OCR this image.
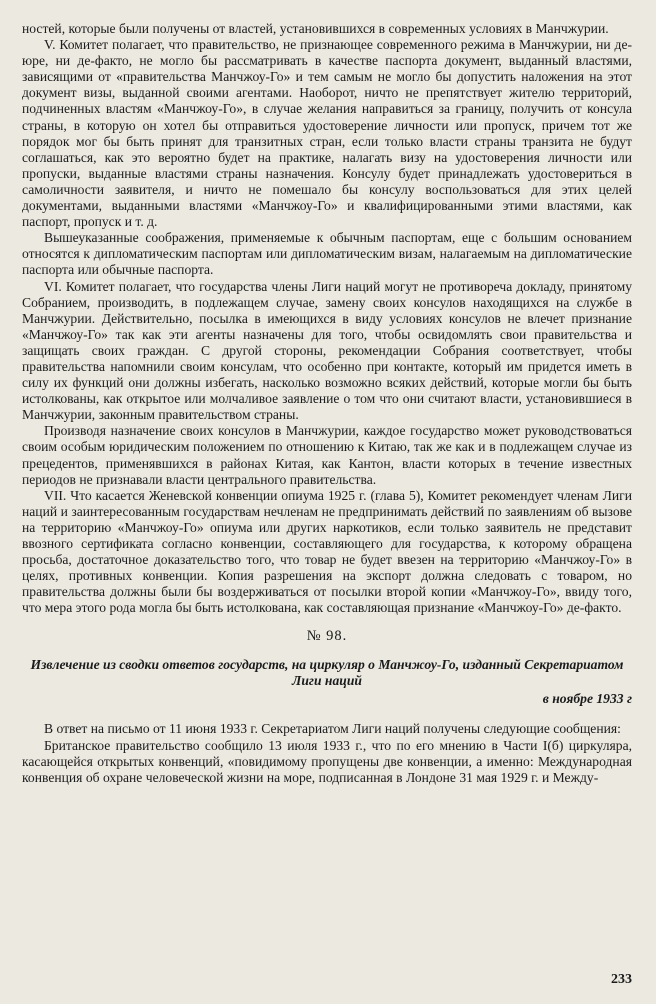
ностей, которые были получены от властей, установившихся в современных условиях в Манчжурии.

V. Комитет полагает, что правительство, не признающее современного режима в Манчжурии, ни де-юре, ни де-факто, не могло бы рассматривать в качестве паспорта документ, выданный властями, зависящими от «правительства Манчжоу-Го» и тем самым не могло бы допустить наложения на этот документ визы, выданной своими агентами. Наоборот, ничто не препятствует жителю территорий, подчиненных властям «Манчжоу-Го», в случае желания направиться за границу, получить от консула страны, в которую он хотел бы отправиться удостоверение личности или пропуск, причем тот же порядок мог бы быть принят для транзитных стран, если только власти страны транзита не будут соглашаться, как это вероятно будет на практике, налагать визу на удостоверения личности или пропуски, выданные властями страны назначения. Консулу будет принадлежать удостовериться в самоличности заявителя, и ничто не помешало бы консулу воспользоваться для этих целей документами, выданными властями «Манчжоу-Го» и квалифицированными этими властями, как паспорт, пропуск и т. д.

Вышеуказанные соображения, применяемые к обычным паспортам, еще с большим основанием относятся к дипломатическим паспортам или дипломатическим визам, налагаемым на дипломатические паспорта или обычные паспорта.

VI. Комитет полагает, что государства члены Лиги наций могут не противореча докладу, принятому Собранием, производить, в подлежащем случае, замену своих консулов находящихся на службе в Манчжурии. Действительно, посылка в имеющихся в виду условиях консулов не влечет признание «Манчжоу-Го» так как эти агенты назначены для того, чтобы освидомлять свои правительства и защищать своих граждан. С другой стороны, рекомендации Собрания соответствует, чтобы правительства напомнили своим консулам, что особенно при контакте, который им придется иметь в силу их функций они должны избегать, насколько возможно всяких действий, которые могли бы быть истолкованы, как открытое или молчаливое заявление о том что они считают власти, установившиеся в Манчжурии, законным правительством страны.

Производя назначение своих консулов в Манчжурии, каждое государство может руководствоваться своим особым юридическим положением по отношению к Китаю, так же как и в подлежащем случае из прецедентов, применявшихся в районах Китая, как Кантон, власти которых в течение известных периодов не признавали власти центрального правительства.

VII. Что касается Женевской конвенции опиума 1925 г. (глава 5), Комитет рекомендует членам Лиги наций и заинтересованным государствам нечленам не предпринимать действий по заявлениям об вызове на территорию «Манчжоу-Го» опиума или других наркотиков, если только заявитель не представит ввозного сертификата согласно конвенции, составляющего для государства, к которому обращена просьба, достаточное доказательство того, что товар не будет ввезен на территорию «Манчжоу-Го» в целях, противных конвенции. Копия разрешения на экспорт должна следовать с товаром, но правительства должны были бы воздерживаться от посылки второй копии «Манчжоу-Го», ввиду того, что мера этого рода могла бы быть истолкована, как составляющая признание «Манчжоу-Го» де-факто.

№ 98.
Извлечение из сводки ответов государств, на циркуляр о Манчжоу-Го, изданный Секретариатом Лиги наций
в ноябре 1933 г

В ответ на письмо от 11 июня 1933 г. Секретариатом Лиги наций получены следующие сообщения:

Британское правительство сообщило 13 июля 1933 г., что по его мнению в Части I(б) циркуляра, касающейся открытых конвенций, «повидимому пропущены две конвенции, а именно: Международная конвенция об охране человеческой жизни на море, подписанная в Лондоне 31 мая 1929 г. и Между-

233
